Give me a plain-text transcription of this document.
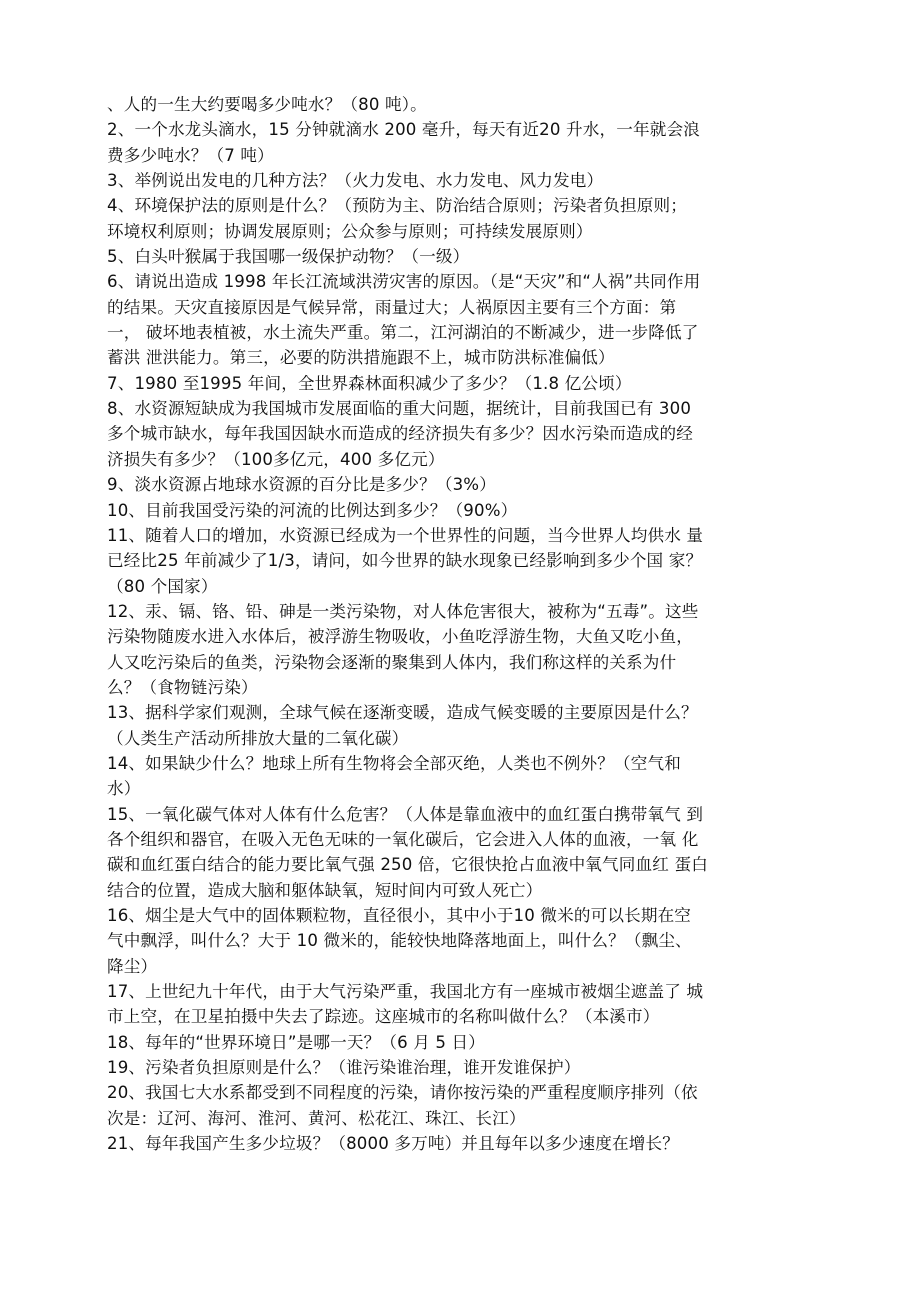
、人的一生大约要喝多少吨水？（80 吨）。
2、一个水龙头滴水，15 分钟就滴水 200 毫升，每天有近20 升水，一年就会浪
费多少吨水？（7 吨）
3、举例说出发电的几种方法？（火力发电、水力发电、风力发电）
4、环境保护法的原则是什么？（预防为主、防治结合原则；污染者负担原则；
环境权利原则；协调发展原则；公众参与原则；可持续发展原则）
5、白头叶猴属于我国哪一级保护动物？（一级）
6、请说出造成 1998 年长江流域洪涝灾害的原因。（是“天灾”和“人祸”共同作用
的结果。天灾直接原因是气候异常，雨量过大；人祸原因主要有三个方面：第
一， 破坏地表植被，水土流失严重。第二，江河湖泊的不断减少，进一步降低了
蓄洪 泄洪能力。第三，必要的防洪措施跟不上，城市防洪标准偏低）
7、1980 至1995 年间，全世界森林面积减少了多少？（1.8 亿公顷）
8、水资源短缺成为我国城市发展面临的重大问题，据统计，目前我国已有 300
多个城市缺水，每年我国因缺水而造成的经济损失有多少？因水污染而造成的经
济损失有多少？（100多亿元，400 多亿元）
9、淡水资源占地球水资源的百分比是多少？（3%）
10、目前我国受污染的河流的比例达到多少？（90%）
11、随着人口的增加，水资源已经成为一个世界性的问题，当今世界人均供水 量
已经比25 年前减少了1/3，请问，如今世界的缺水现象已经影响到多少个国 家？
（80 个国家）
12、汞、镉、铬、铅、砷是一类污染物，对人体危害很大，被称为“五毒”。这些
污染物随废水进入水体后，被浮游生物吸收，小鱼吃浮游生物，大鱼又吃小鱼，
人又吃污染后的鱼类，污染物会逐渐的聚集到人体内，我们称这样的关系为什
么？（食物链污染）
13、据科学家们观测，全球气候在逐渐变暖，造成气候变暖的主要原因是什么？
（人类生产活动所排放大量的二氧化碳）
14、如果缺少什么？地球上所有生物将会全部灭绝，人类也不例外？（空气和
水）
15、一氧化碳气体对人体有什么危害？（人体是靠血液中的血红蛋白携带氧气 到
各个组织和器官，在吸入无色无味的一氧化碳后，它会进入人体的血液，一氧 化
碳和血红蛋白结合的能力要比氧气强 250 倍，它很快抢占血液中氧气同血红 蛋白
结合的位置，造成大脑和躯体缺氧，短时间内可致人死亡）
16、烟尘是大气中的固体颗粒物，直径很小，其中小于10 微米的可以长期在空
气中飘浮，叫什么？大于 10 微米的，能较快地降落地面上，叫什么？（飘尘、
降尘）
17、上世纪九十年代，由于大气污染严重，我国北方有一座城市被烟尘遮盖了 城
市上空，在卫星拍摄中失去了踪迹。这座城市的名称叫做什么？（本溪市）
18、每年的“世界环境日”是哪一天？（6 月 5 日）
19、污染者负担原则是什么？（谁污染谁治理，谁开发谁保护）
20、我国七大水系都受到不同程度的污染，请你按污染的严重程度顺序排列（依
次是：辽河、海河、淮河、黄河、松花江、珠江、长江）
21、每年我国产生多少垃圾？（8000 多万吨）并且每年以多少速度在增长？
